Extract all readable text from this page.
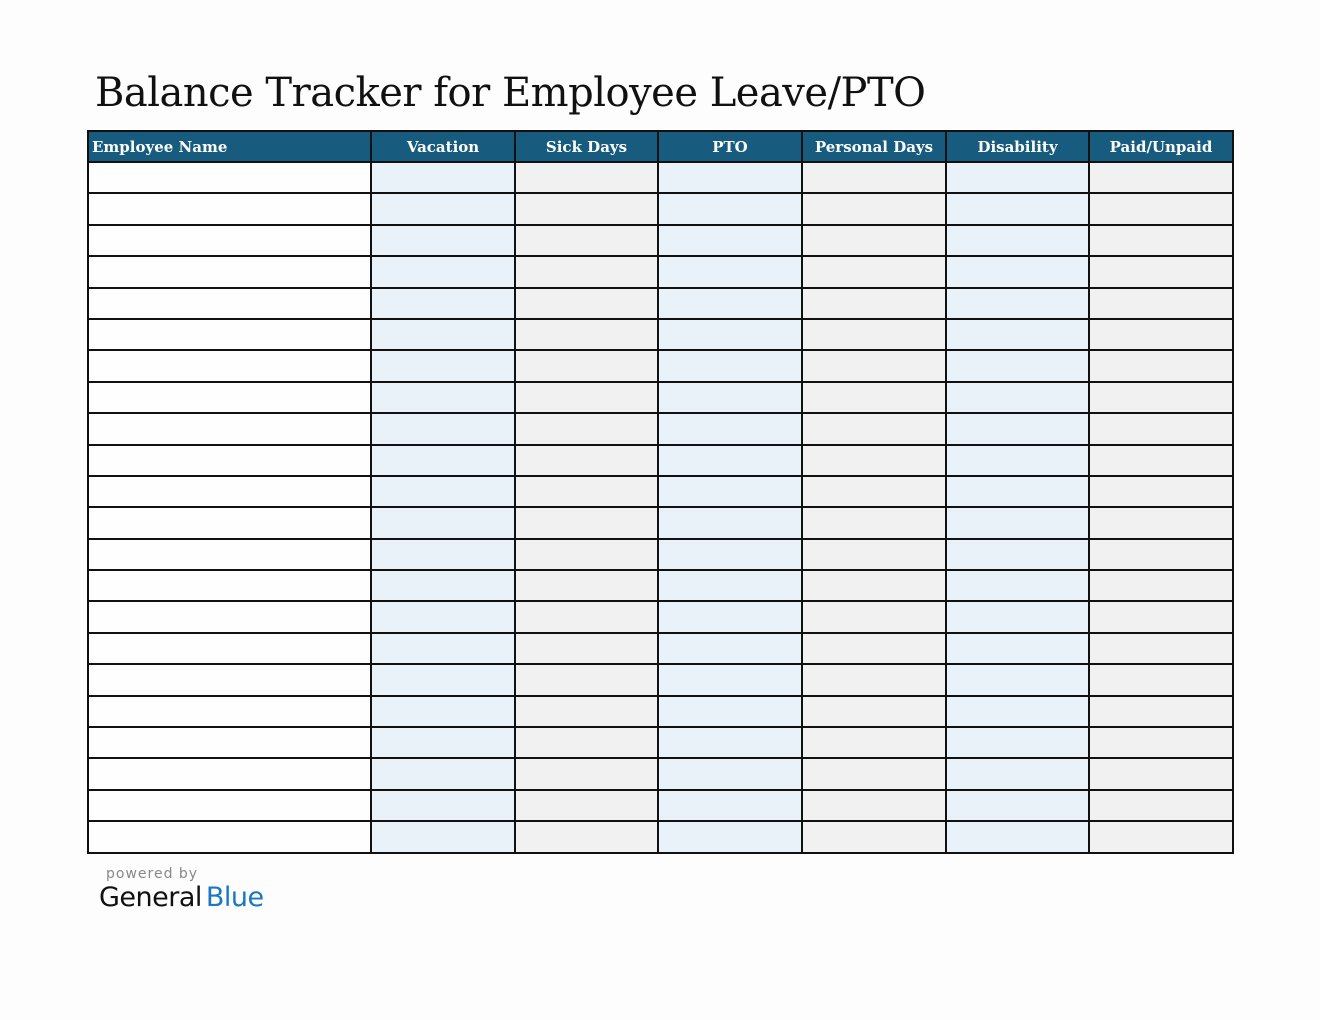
Balance Tracker for Employee Leave/PTO
Employee Name	Vacation	Sick Days	PTO	Personal Days	Disability	Paid/Unpaid

powered by
General Blue
